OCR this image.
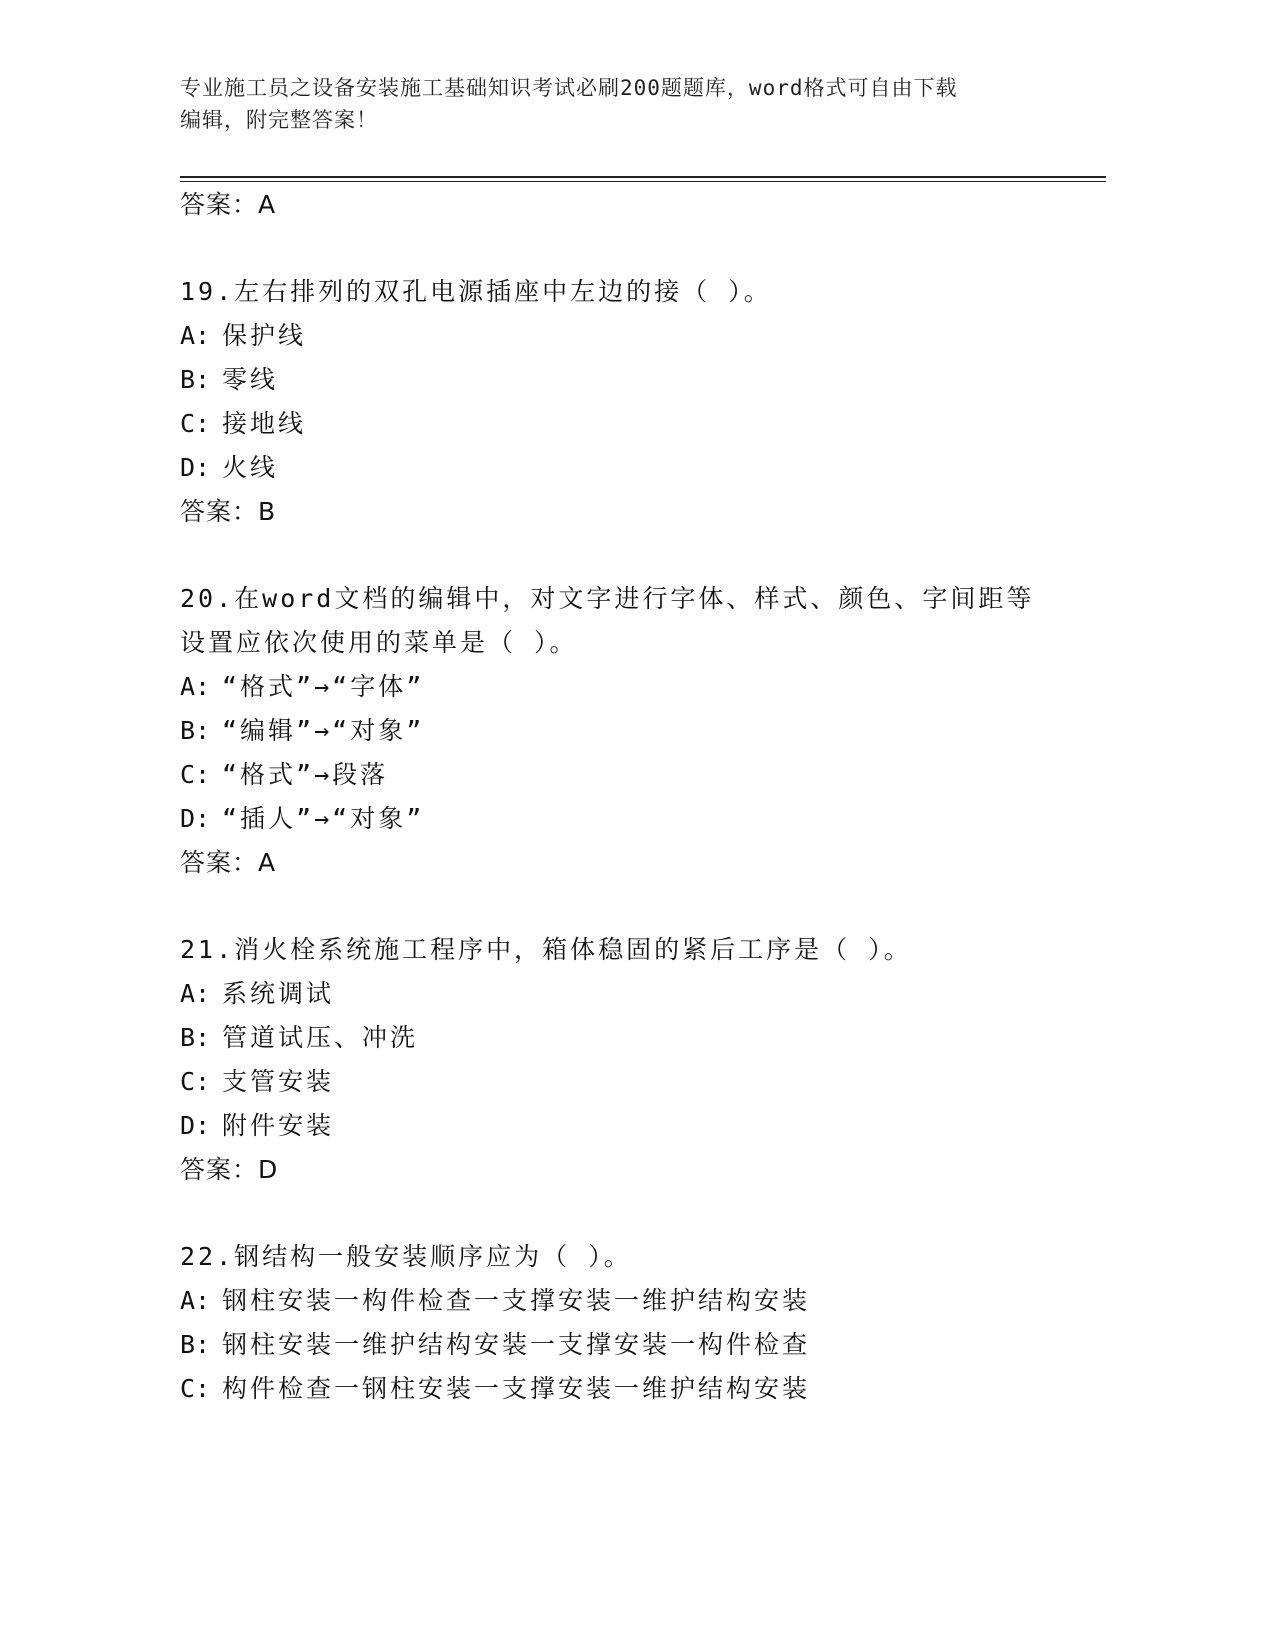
专业施工员之设备安装施工基础知识考试必刷200题题库，word格式可自由下载
编辑，附完整答案！
答案：A
19.左右排列的双孔电源插座中左边的接（ ）。
A: 保护线
B: 零线
C: 接地线
D: 火线
答案：B
20.在word文档的编辑中，对文字进行字体、样式、颜色、字间距等设置应依次使用的菜单是（ ）。
A: “格式”→“字体”
B: “编辑”→“对象”
C: “格式”→段落
D: “插人”→“对象”
答案：A
21.消火栓系统施工程序中，箱体稳固的紧后工序是（ ）。
A: 系统调试
B: 管道试压、冲洗
C: 支管安装
D: 附件安装
答案：D
22.钢结构一般安装顺序应为（ ）。
A: 钢柱安装一构件检查一支撑安装一维护结构安装
B: 钢柱安装一维护结构安装一支撑安装一构件检查
C: 构件检查一钢柱安装一支撑安装一维护结构安装
